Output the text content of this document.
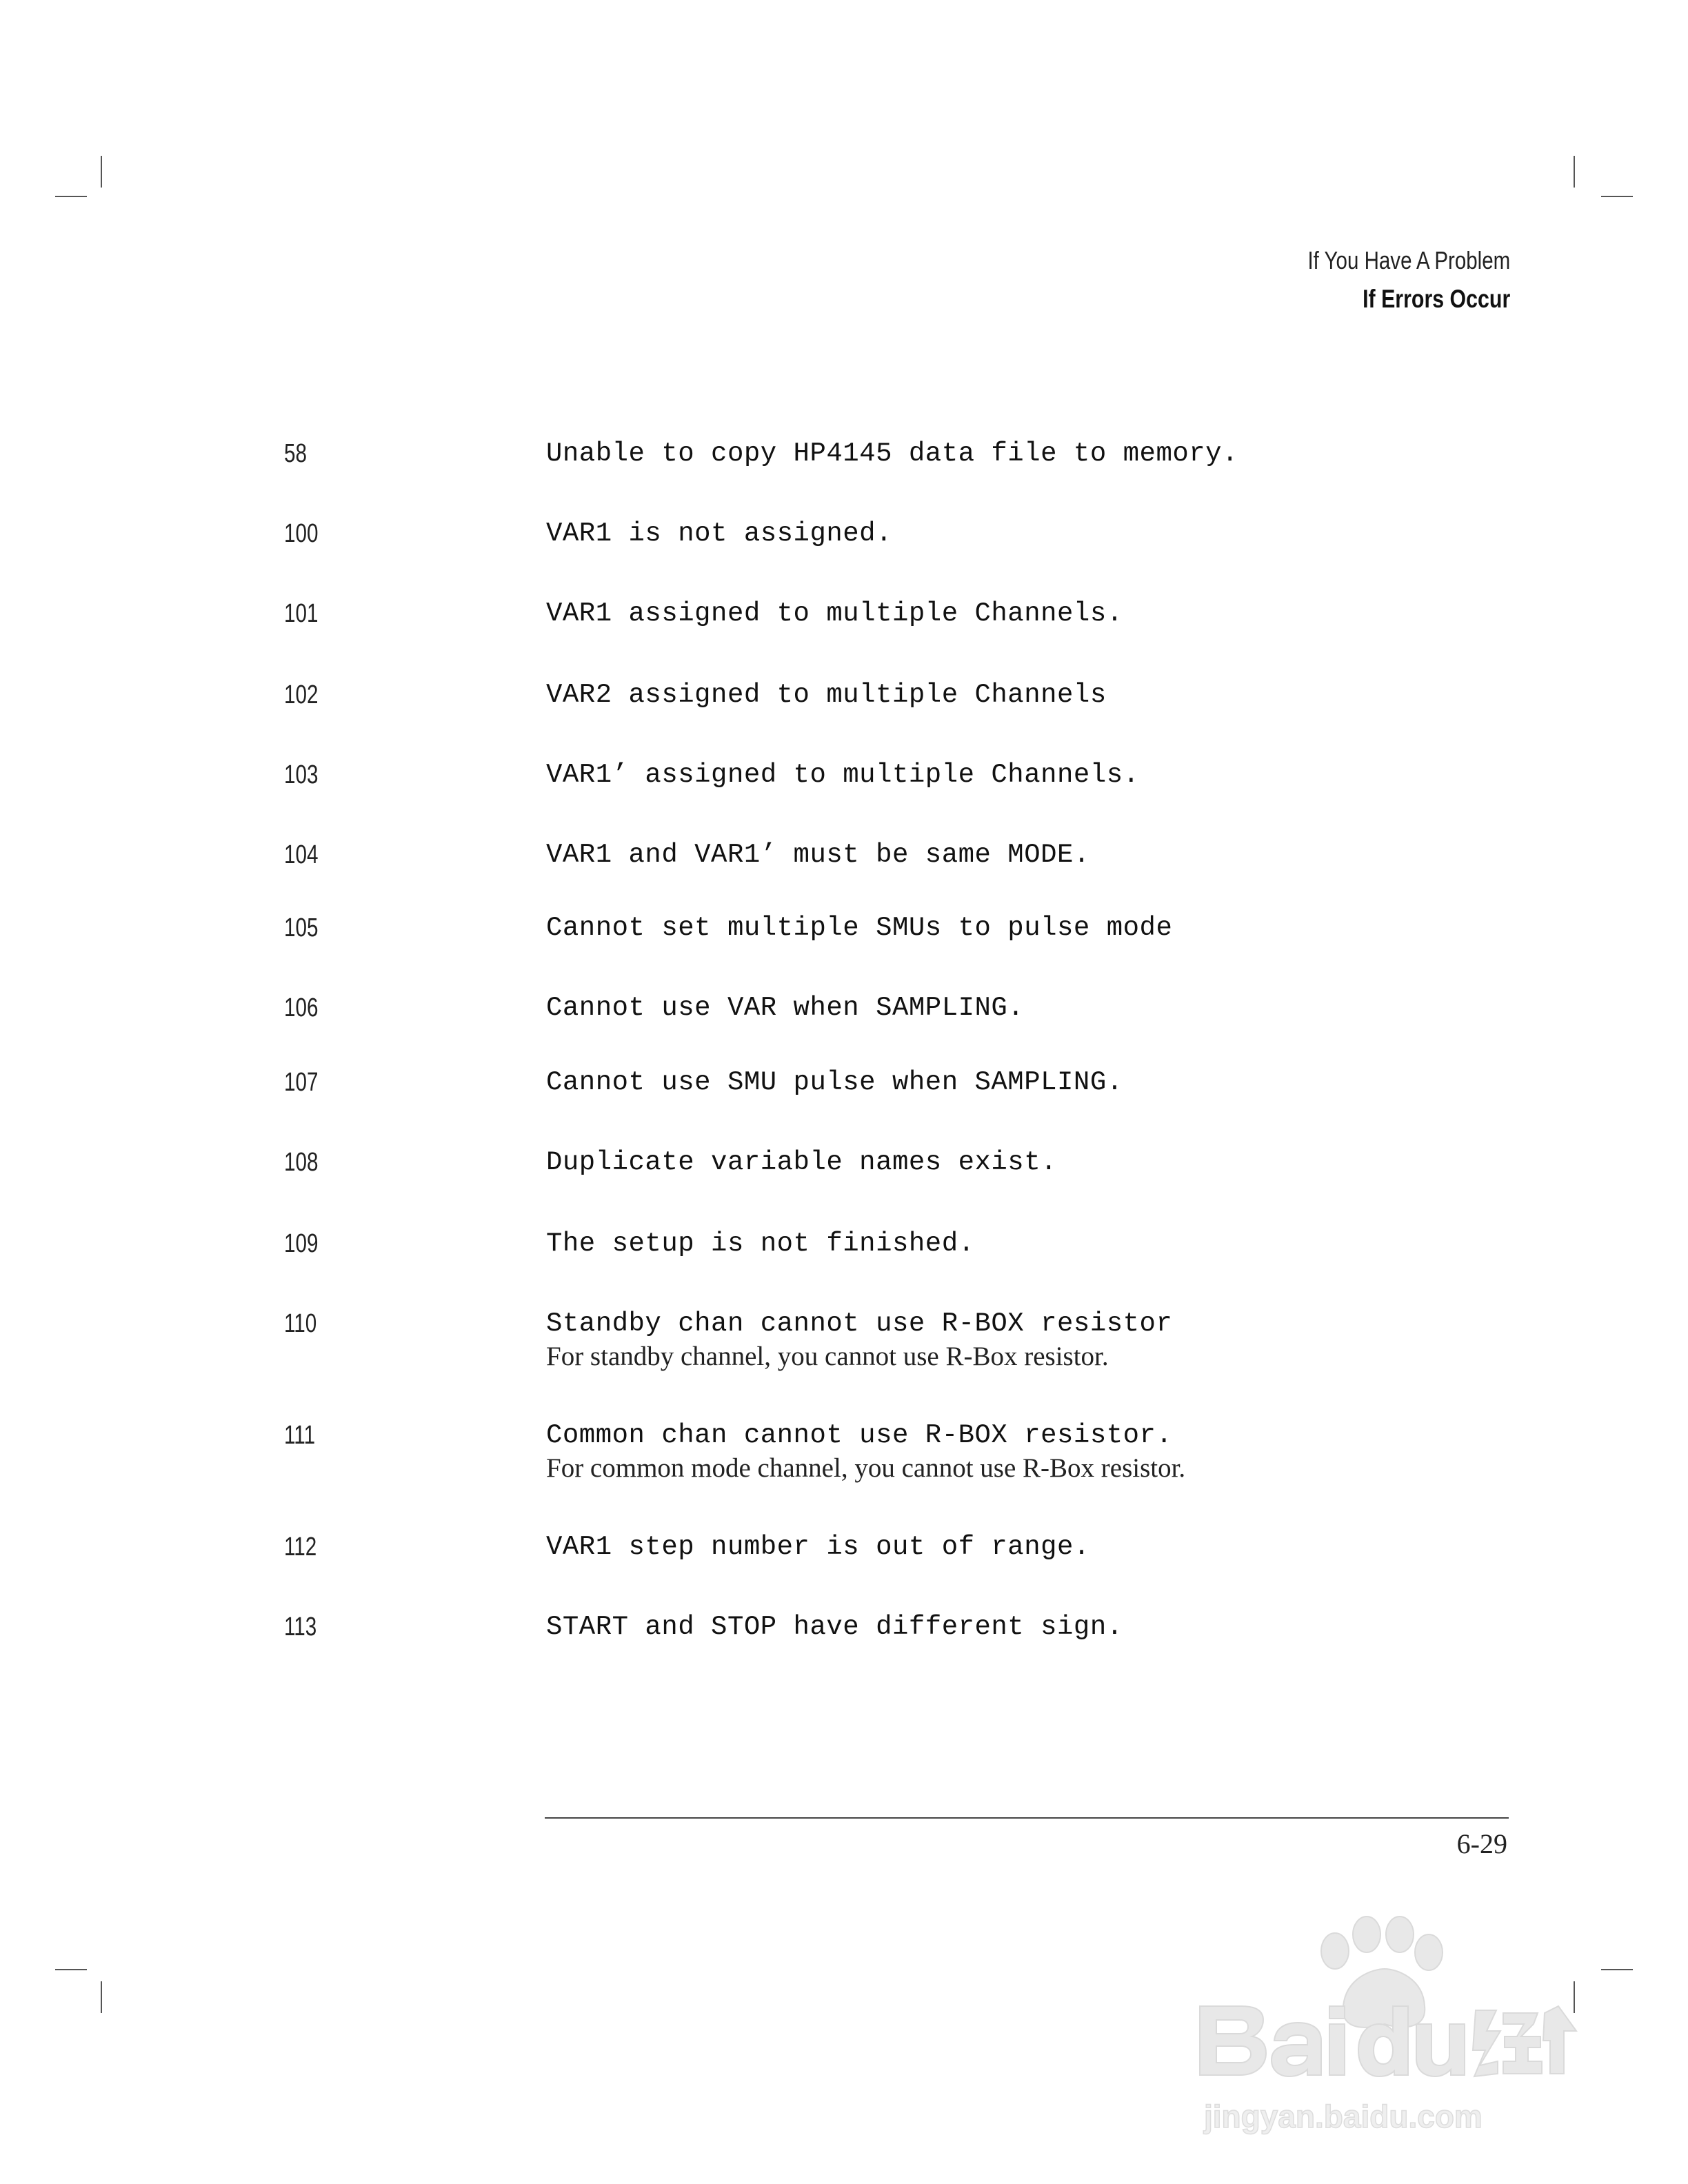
If You Have A Problem
If Errors Occur
58	Unable to copy HP4145 data file to memory.
100	VAR1 is not assigned.
101	VAR1 assigned to multiple Channels.
102	VAR2 assigned to multiple Channels
103	VAR1’ assigned to multiple Channels.
104	VAR1 and VAR1’ must be same MODE.
105	Cannot set multiple SMUs to pulse mode
106	Cannot use VAR when SAMPLING.
107	Cannot use SMU pulse when SAMPLING.
108	Duplicate variable names exist.
109	The setup is not finished.
110	Standby chan cannot use R-BOX resistor
For standby channel, you cannot use R-Box resistor.
111	Common chan cannot use R-BOX resistor.
For common mode channel, you cannot use R-Box resistor.
112	VAR1 step number is out of range.
113	START and STOP have different sign.
6-29
jingyan.baidu.com
